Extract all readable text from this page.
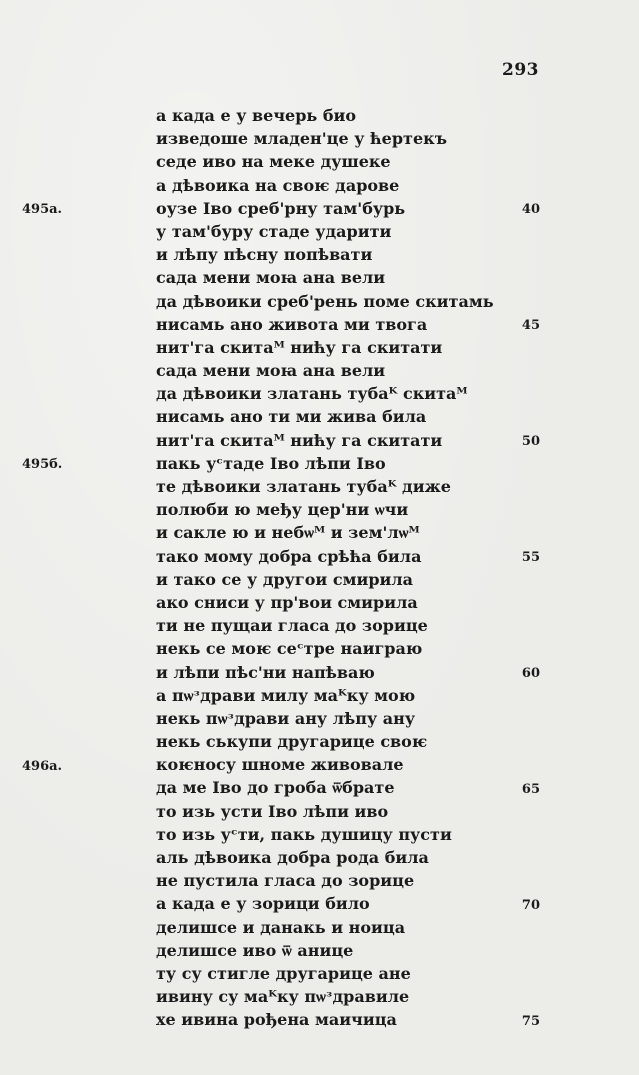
293
а када е у вечерь био
изведоше младен'це у ћертекъ
седе иво на меке душеке
а дѣвоика на своѥ дарове
оузе Іво среб'рну там'бурь
у там'буру стаде ударити
и лѣпу пѣсну попѣвати
сада мени моꙗ ана вели
да дѣвоики среб'рень поме скитамь
нисамь ано живота ми твога
нит'га скитаᴹ нићу га скитати
сада мени моꙗ ана вели
да дѣвоики златань тубаᴷ скитаᴹ
нисамь ано ти ми жива била
нит'га скитаᴹ нићу га скитати
пакь уᶜтаде Іво лѣпи Іво
те дѣвоики златань тубаᴷ диже
полюби ю међу цер'ни ѡчи
и сакле ю и небѡᴹ и зем'лѡᴹ
тако мому добра срѣћа била
и тако се у другои смирила
ако сниси у пр'вои смирила
ти не пущаи гласа до зорице
некь се моѥ сеᶜтре наиграю
и лѣпи пѣс'ни напѣваю
а пѡᶟдрави милу маᴷку мою
некь пѡᶟдрави ану лѣпу ану
некь ськупи другарице своѥ
коѥносу шноме живовале
да ме Іво до гроба ѿбрате
то изь усти Іво лѣпи иво
то изь уᶜти, пакь душицу пусти
аль дѣвоика добра рода била
не пустила гласа до зорице
а када е у зорици било
делишсе и данакь и ноица
делишсе иво ѿ анице
ту су стигле другарице ане
ивину су маᴷку пѡᶟдравиле
хе ивина рођена маичица
495a.
495б.
496a.
40
45
50
55
60
65
70
75
